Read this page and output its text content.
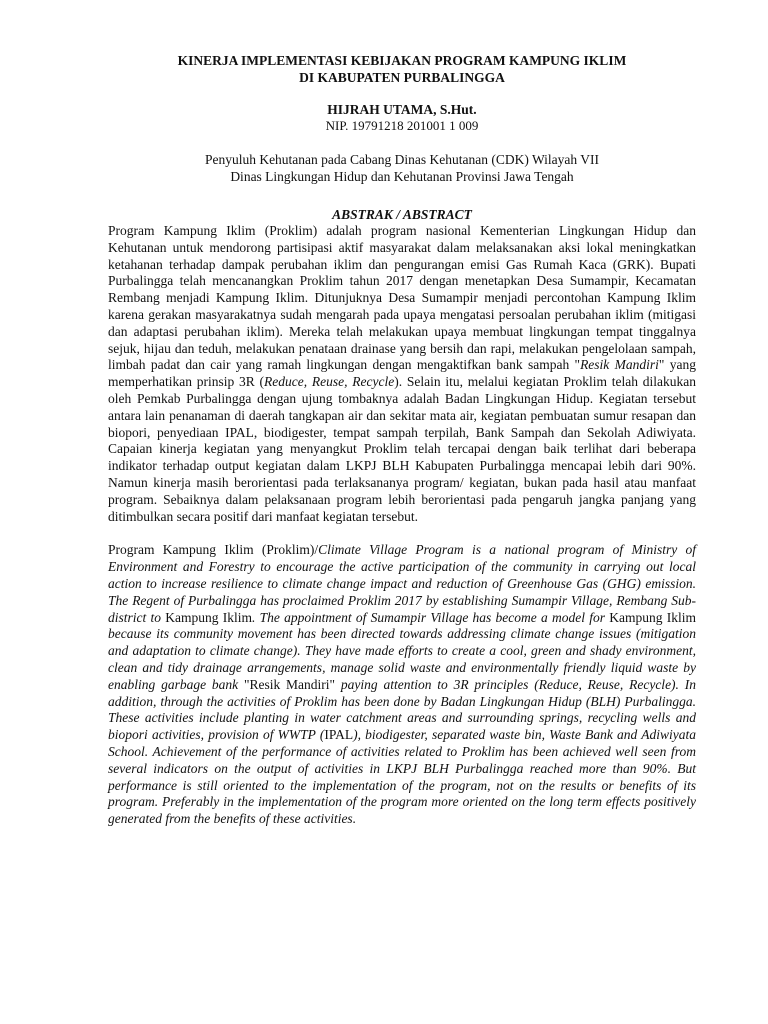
KINERJA IMPLEMENTASI KEBIJAKAN PROGRAM KAMPUNG IKLIM
DI KABUPATEN PURBALINGGA
HIJRAH UTAMA, S.Hut.
NIP. 19791218 201001 1 009
Penyuluh Kehutanan pada Cabang Dinas Kehutanan (CDK) Wilayah VII
Dinas Lingkungan Hidup dan Kehutanan Provinsi Jawa Tengah
ABSTRAK / ABSTRACT

Program Kampung Iklim (Proklim) adalah program nasional Kementerian Lingkungan Hidup dan Kehutanan untuk mendorong partisipasi aktif masyarakat dalam melaksanakan aksi lokal meningkatkan ketahanan terhadap dampak perubahan iklim dan pengurangan emisi Gas Rumah Kaca (GRK). Bupati Purbalingga telah mencanangkan Proklim tahun 2017 dengan menetapkan Desa Sumampir, Kecamatan Rembang menjadi Kampung Iklim. Ditunjuknya Desa Sumampir menjadi percontohan Kampung Iklim karena gerakan masyarakatnya sudah mengarah pada upaya mengatasi persoalan perubahan iklim (mitigasi dan adaptasi perubahan iklim). Mereka telah melakukan upaya membuat lingkungan tempat tinggalnya sejuk, hijau dan teduh, melakukan penataan drainase yang bersih dan rapi, melakukan pengelolaan sampah, limbah padat dan cair yang ramah lingkungan dengan mengaktifkan bank sampah "Resik Mandiri" yang memperhatikan prinsip 3R (Reduce, Reuse, Recycle). Selain itu, melalui kegiatan Proklim telah dilakukan oleh Pemkab Purbalingga dengan ujung tombaknya adalah Badan Lingkungan Hidup. Kegiatan tersebut antara lain penanaman di daerah tangkapan air dan sekitar mata air, kegiatan pembuatan sumur resapan dan biopori, penyediaan IPAL, biodigester, tempat sampah terpilah, Bank Sampah dan Sekolah Adiwiyata. Capaian kinerja kegiatan yang menyangkut Proklim telah tercapai dengan baik terlihat dari beberapa indikator terhadap output kegiatan dalam LKPJ BLH Kabupaten Purbalingga mencapai lebih dari 90%. Namun kinerja masih berorientasi pada terlaksananya program/ kegiatan, bukan pada hasil atau manfaat program. Sebaiknya dalam pelaksanaan program lebih berorientasi pada pengaruh jangka panjang yang ditimbulkan secara positif dari manfaat kegiatan tersebut.

Program Kampung Iklim (Proklim)/Climate Village Program is a national program of Ministry of Environment and Forestry to encourage the active participation of the community in carrying out local action to increase resilience to climate change impact and reduction of Greenhouse Gas (GHG) emission. The Regent of Purbalingga has proclaimed Proklim 2017 by establishing Sumampir Village, Rembang Sub-district to Kampung Iklim. The appointment of Sumampir Village has become a model for Kampung Iklim because its community movement has been directed towards addressing climate change issues (mitigation and adaptation to climate change). They have made efforts to create a cool, green and shady environment, clean and tidy drainage arrangements, manage solid waste and environmentally friendly liquid waste by enabling garbage bank "Resik Mandiri" paying attention to 3R principles (Reduce, Reuse, Recycle). In addition, through the activities of Proklim has been done by Badan Lingkungan Hidup (BLH) Purbalingga. These activities include planting in water catchment areas and surrounding springs, recycling wells and biopori activities, provision of WWTP (IPAL), biodigester, separated waste bin, Waste Bank and Adiwiyata School. Achievement of the performance of activities related to Proklim has been achieved well seen from several indicators on the output of activities in LKPJ BLH Purbalingga reached more than 90%. But performance is still oriented to the implementation of the program, not on the results or benefits of its program. Preferably in the implementation of the program more oriented on the long term effects positively generated from the benefits of these activities.
